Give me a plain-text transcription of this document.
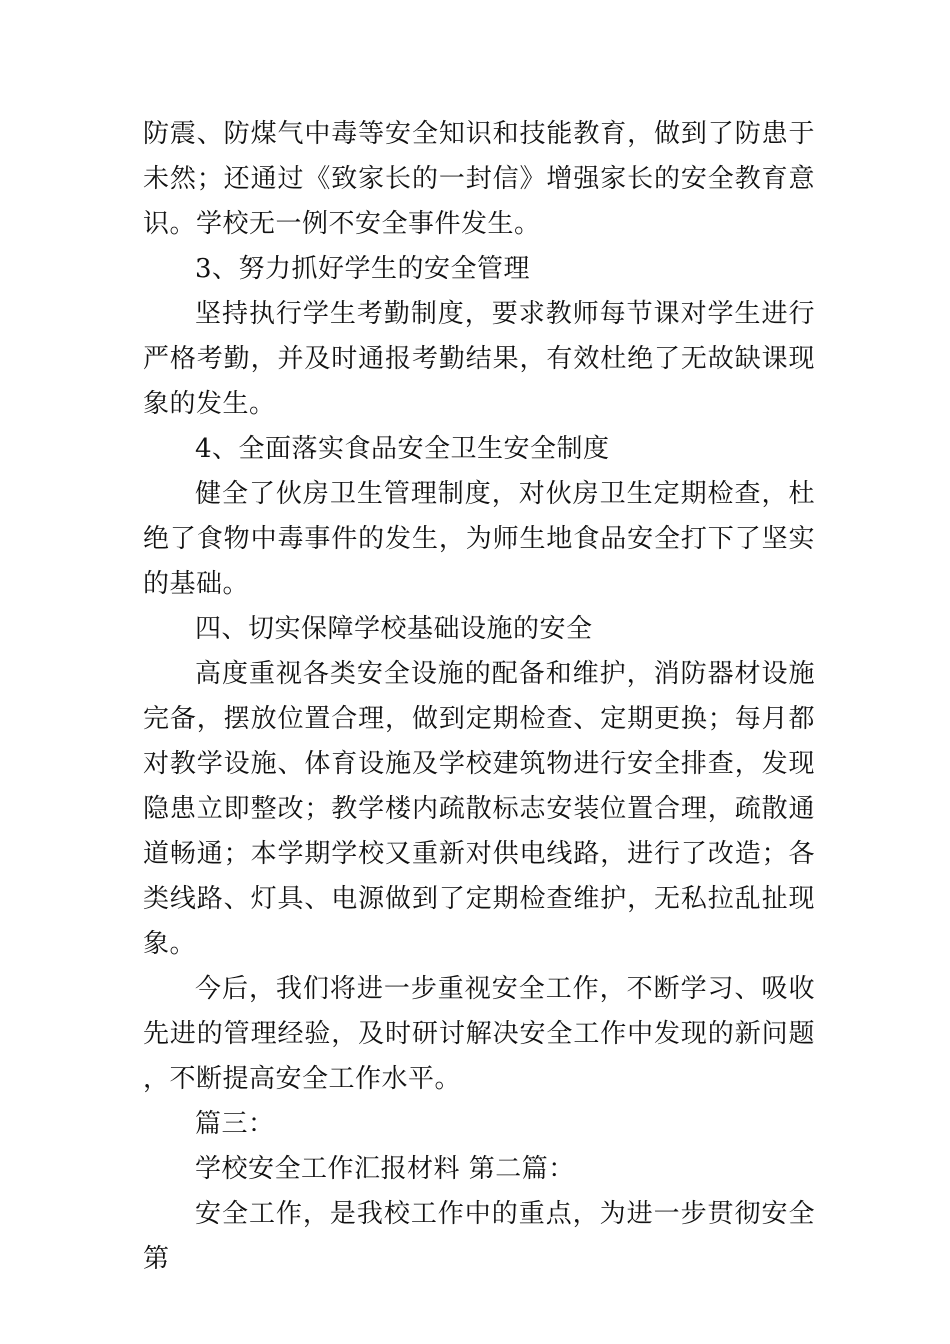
防震、防煤气中毒等安全知识和技能教育，做到了防患于未然；还通过《致家长的一封信》增强家长的安全教育意识。学校无一例不安全事件发生。

3、努力抓好学生的安全管理

坚持执行学生考勤制度，要求教师每节课对学生进行严格考勤，并及时通报考勤结果，有效杜绝了无故缺课现象的发生。

4、全面落实食品安全卫生安全制度

健全了伙房卫生管理制度，对伙房卫生定期检查，杜绝了食物中毒事件的发生，为师生地食品安全打下了坚实的基础。

四、切实保障学校基础设施的安全

高度重视各类安全设施的配备和维护，消防器材设施完备，摆放位置合理，做到定期检查、定期更换；每月都对教学设施、体育设施及学校建筑物进行安全排查，发现隐患立即整改；教学楼内疏散标志安装位置合理，疏散通道畅通；本学期学校又重新对供电线路，进行了改造；各类线路、灯具、电源做到了定期检查维护，无私拉乱扯现象。

今后，我们将进一步重视安全工作，不断学习、吸收先进的管理经验，及时研讨解决安全工作中发现的新问题，不断提高安全工作水平。

篇三：

学校安全工作汇报材料 第二篇：

安全工作，是我校工作中的重点，为进一步贯彻安全第
